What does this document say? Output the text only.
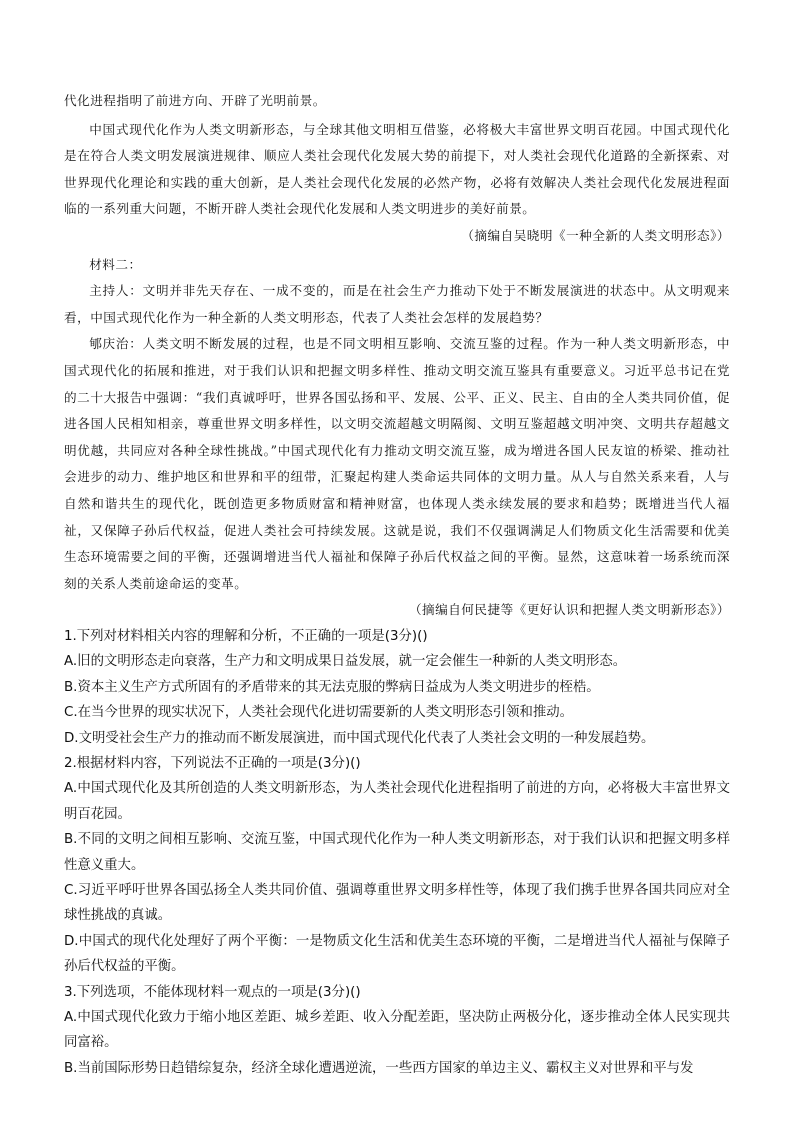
代化进程指明了前进方向、开辟了光明前景。

中国式现代化作为人类文明新形态，与全球其他文明相互借鉴，必将极大丰富世界文明百花园。中国式现代化是在符合人类文明发展演进规律、顺应人类社会现代化发展大势的前提下，对人类社会现代化道路的全新探索、对世界现代化理论和实践的重大创新，是人类社会现代化发展的必然产物，必将有效解决人类社会现代化发展进程面临的一系列重大问题，不断开辟人类社会现代化发展和人类文明进步的美好前景。

（摘编自吴晓明《一种全新的人类文明形态》）

材料二：

主持人：文明并非先天存在、一成不变的，而是在社会生产力推动下处于不断发展演进的状态中。从文明观来看，中国式现代化作为一种全新的人类文明形态，代表了人类社会怎样的发展趋势？

郇庆治：人类文明不断发展的过程，也是不同文明相互影响、交流互鉴的过程。作为一种人类文明新形态，中国式现代化的拓展和推进，对于我们认识和把握文明多样性、推动文明交流互鉴具有重要意义。习近平总书记在党的二十大报告中强调：“我们真诚呼吁，世界各国弘扬和平、发展、公平、正义、民主、自由的全人类共同价值，促进各国人民相知相亲，尊重世界文明多样性，以文明交流超越文明隔阂、文明互鉴超越文明冲突、文明共存超越文明优越，共同应对各种全球性挑战。”中国式现代化有力推动文明交流互鉴，成为增进各国人民友谊的桥梁、推动社会进步的动力、维护地区和世界和平的纽带，汇聚起构建人类命运共同体的文明力量。从人与自然关系来看，人与自然和谐共生的现代化，既创造更多物质财富和精神财富，也体现人类永续发展的要求和趋势；既增进当代人福祉，又保障子孙后代权益，促进人类社会可持续发展。这就是说，我们不仅强调满足人们物质文化生活需要和优美生态环境需要之间的平衡，还强调增进当代人福祉和保障子孙后代权益之间的平衡。显然，这意味着一场系统而深刻的关系人类前途命运的变革。

（摘编自何民捷等《更好认识和把握人类文明新形态》）

1.下列对材料相关内容的理解和分析，不正确的一项是(3分)()

A.旧的文明形态走向衰落，生产力和文明成果日益发展，就一定会催生一种新的人类文明形态。

B.资本主义生产方式所固有的矛盾带来的其无法克服的弊病日益成为人类文明进步的桎梏。

C.在当今世界的现实状况下，人类社会现代化进切需要新的人类文明形态引领和推动。

D.文明受社会生产力的推动而不断发展演进，而中国式现代化代表了人类社会文明的一种发展趋势。

2.根据材料内容，下列说法不正确的一项是(3分)()

A.中国式现代化及其所创造的人类文明新形态，为人类社会现代化进程指明了前进的方向，必将极大丰富世界文明百花园。

B.不同的文明之间相互影响、交流互鉴，中国式现代化作为一种人类文明新形态，对于我们认识和把握文明多样性意义重大。

C.习近平呼吁世界各国弘扬全人类共同价值、强调尊重世界文明多样性等，体现了我们携手世界各国共同应对全球性挑战的真诚。

D.中国式的现代化处理好了两个平衡：一是物质文化生活和优美生态环境的平衡，二是增进当代人福祉与保障子孙后代权益的平衡。

3.下列选项，不能体现材料一观点的一项是(3分)()

A.中国式现代化致力于缩小地区差距、城乡差距、收入分配差距，坚决防止两极分化，逐步推动全体人民实现共同富裕。

B.当前国际形势日趋错综复杂，经济全球化遭遇逆流，一些西方国家的单边主义、霸权主义对世界和平与发
